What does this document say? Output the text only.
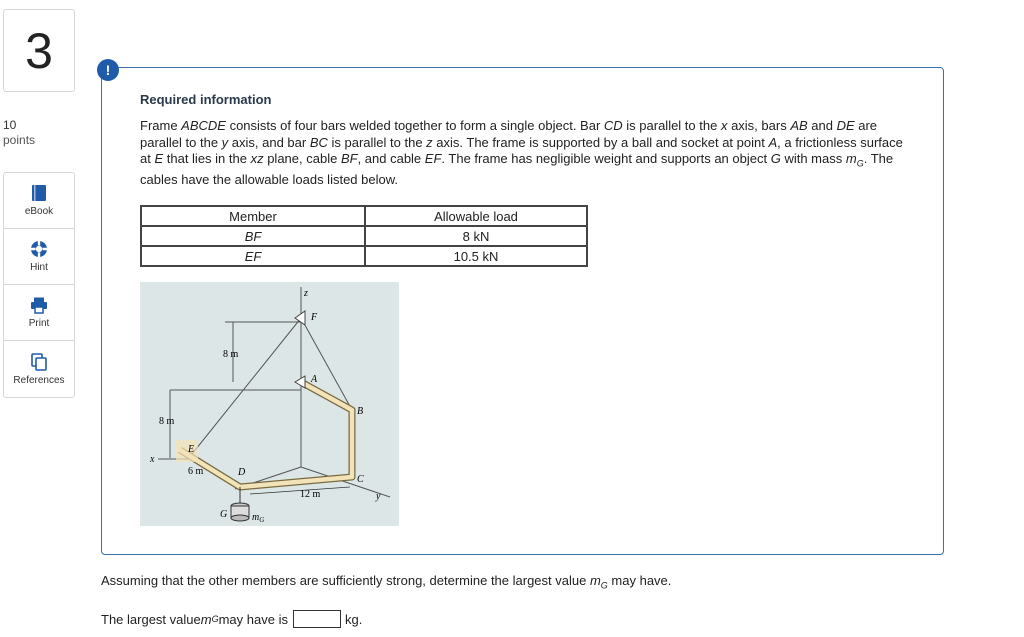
3
10
points
eBook
Hint
Print
References
!
Required information
Frame ABCDE consists of four bars welded together to form a single object. Bar CD is parallel to the x axis, bars AB and DE are parallel to the y axis, and bar BC is parallel to the z axis. The frame is supported by a ball and socket at point A, a frictionless surface at E that lies in the xz plane, cable BF, and cable EF. The frame has negligible weight and supports an object G with mass $m_G$. The cables have the allowable loads listed below.
Member	Allowable load
BF	8 kN
EF	10.5 kN
z
F
A
B
C
D
E
x
y
G $m_G$
8 m
8 m
6 m
12 m
Assuming that the other members are sufficiently strong, determine the largest value $m_G$ may have.
The largest value m G may have is	kg.
